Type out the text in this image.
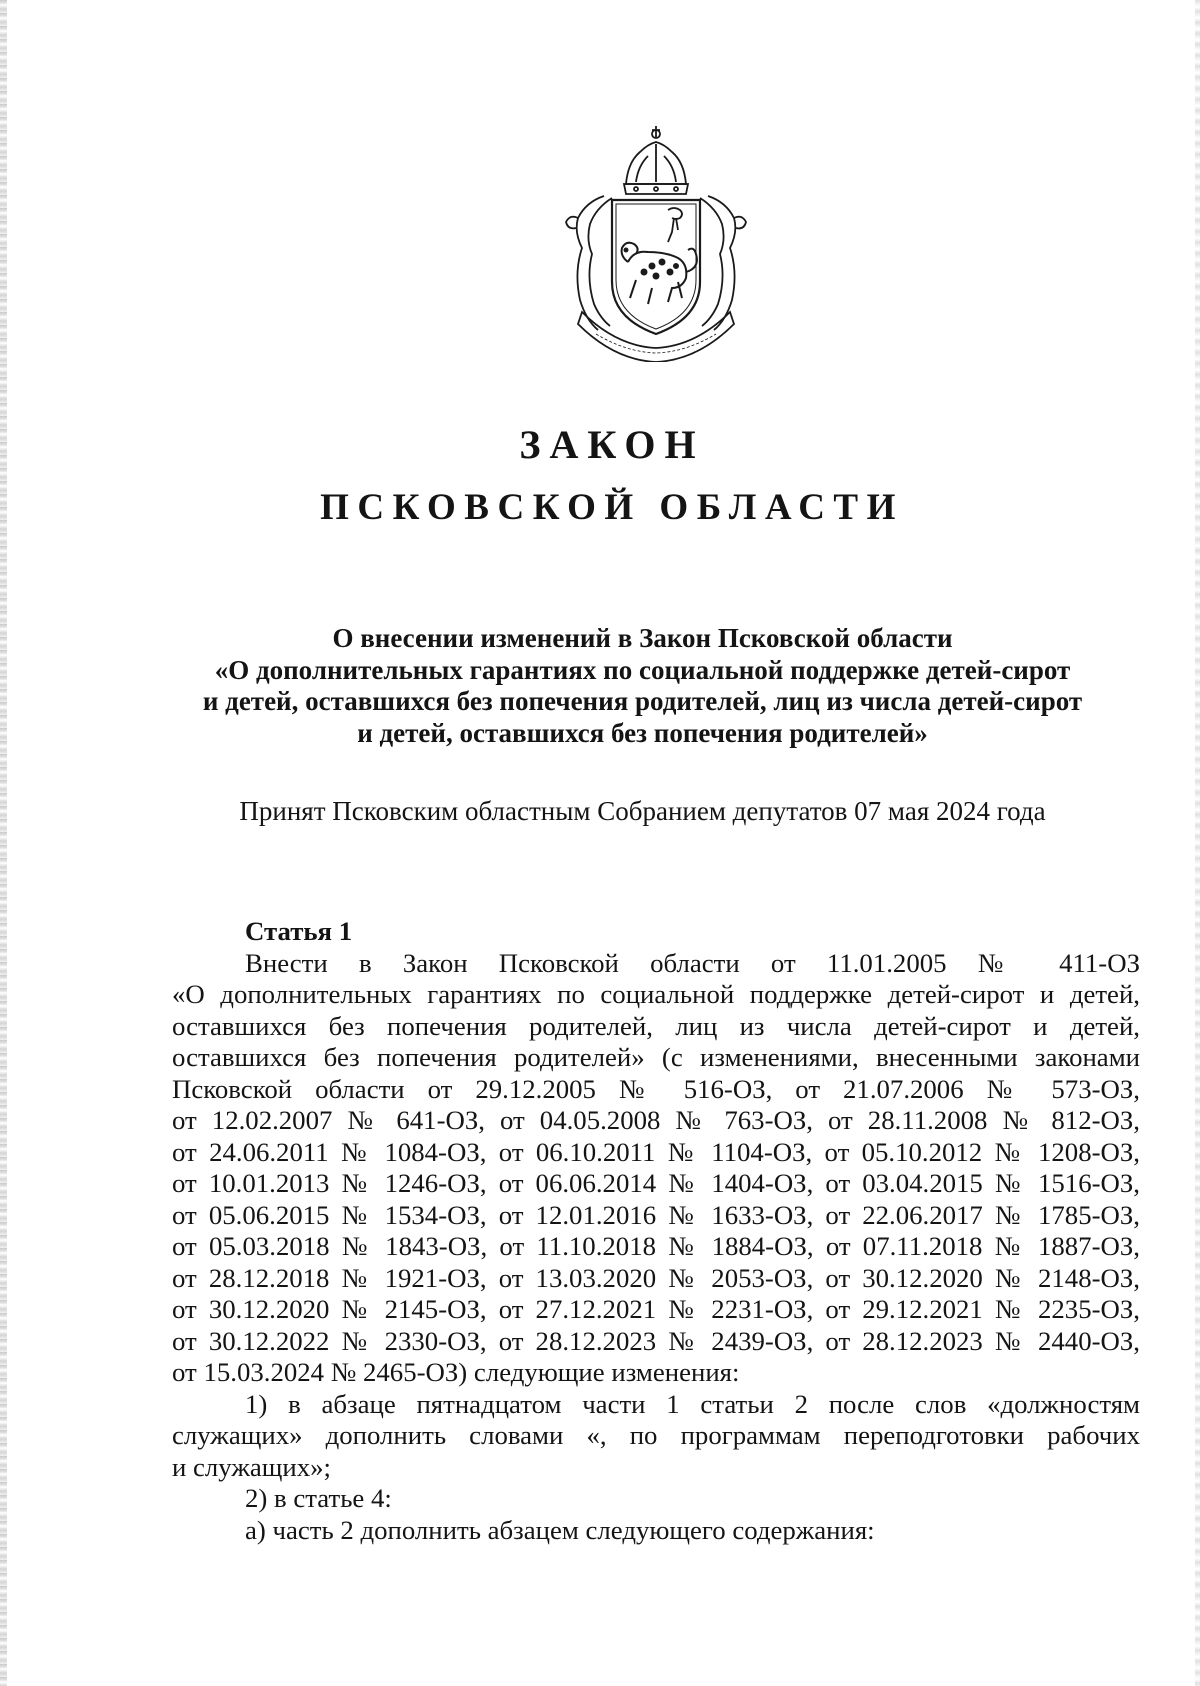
ЗАКОН
ПСКОВСКОЙ ОБЛАСТИ
О внесении изменений в Закон Псковской области
«О дополнительных гарантиях по социальной поддержке детей-сирот
и детей, оставшихся без попечения родителей, лиц из числа детей-сирот
и детей, оставшихся без попечения родителей»
Принят Псковским областным Собранием депутатов 07 мая 2024 года
Статья 1
Внести в Закон Псковской области от 11.01.2005 № 411-ОЗ
«О дополнительных гарантиях по социальной поддержке детей-сирот и детей,
оставшихся без попечения родителей, лиц из числа детей-сирот и детей,
оставшихся без попечения родителей» (с изменениями, внесенными законами
Псковской области от 29.12.2005 № 516-ОЗ, от 21.07.2006 № 573-ОЗ,
от 12.02.2007 № 641-ОЗ, от 04.05.2008 № 763-ОЗ, от 28.11.2008 № 812-ОЗ,
от 24.06.2011 № 1084-ОЗ, от 06.10.2011 № 1104-ОЗ, от 05.10.2012 № 1208-ОЗ,
от 10.01.2013 № 1246-ОЗ, от 06.06.2014 № 1404-ОЗ, от 03.04.2015 № 1516-ОЗ,
от 05.06.2015 № 1534-ОЗ, от 12.01.2016 № 1633-ОЗ, от 22.06.2017 № 1785-ОЗ,
от 05.03.2018 № 1843-ОЗ, от 11.10.2018 № 1884-ОЗ, от 07.11.2018 № 1887-ОЗ,
от 28.12.2018 № 1921-ОЗ, от 13.03.2020 № 2053-ОЗ, от 30.12.2020 № 2148-ОЗ,
от 30.12.2020 № 2145-ОЗ, от 27.12.2021 № 2231-ОЗ, от 29.12.2021 № 2235-ОЗ,
от 30.12.2022 № 2330-ОЗ, от 28.12.2023 № 2439-ОЗ, от 28.12.2023 № 2440-ОЗ,
от 15.03.2024 № 2465-ОЗ) следующие изменения:
1) в абзаце пятнадцатом части 1 статьи 2 после слов «должностям
служащих» дополнить словами «, по программам переподготовки рабочих
и служащих»;
2) в статье 4:
а) часть 2 дополнить абзацем следующего содержания:
